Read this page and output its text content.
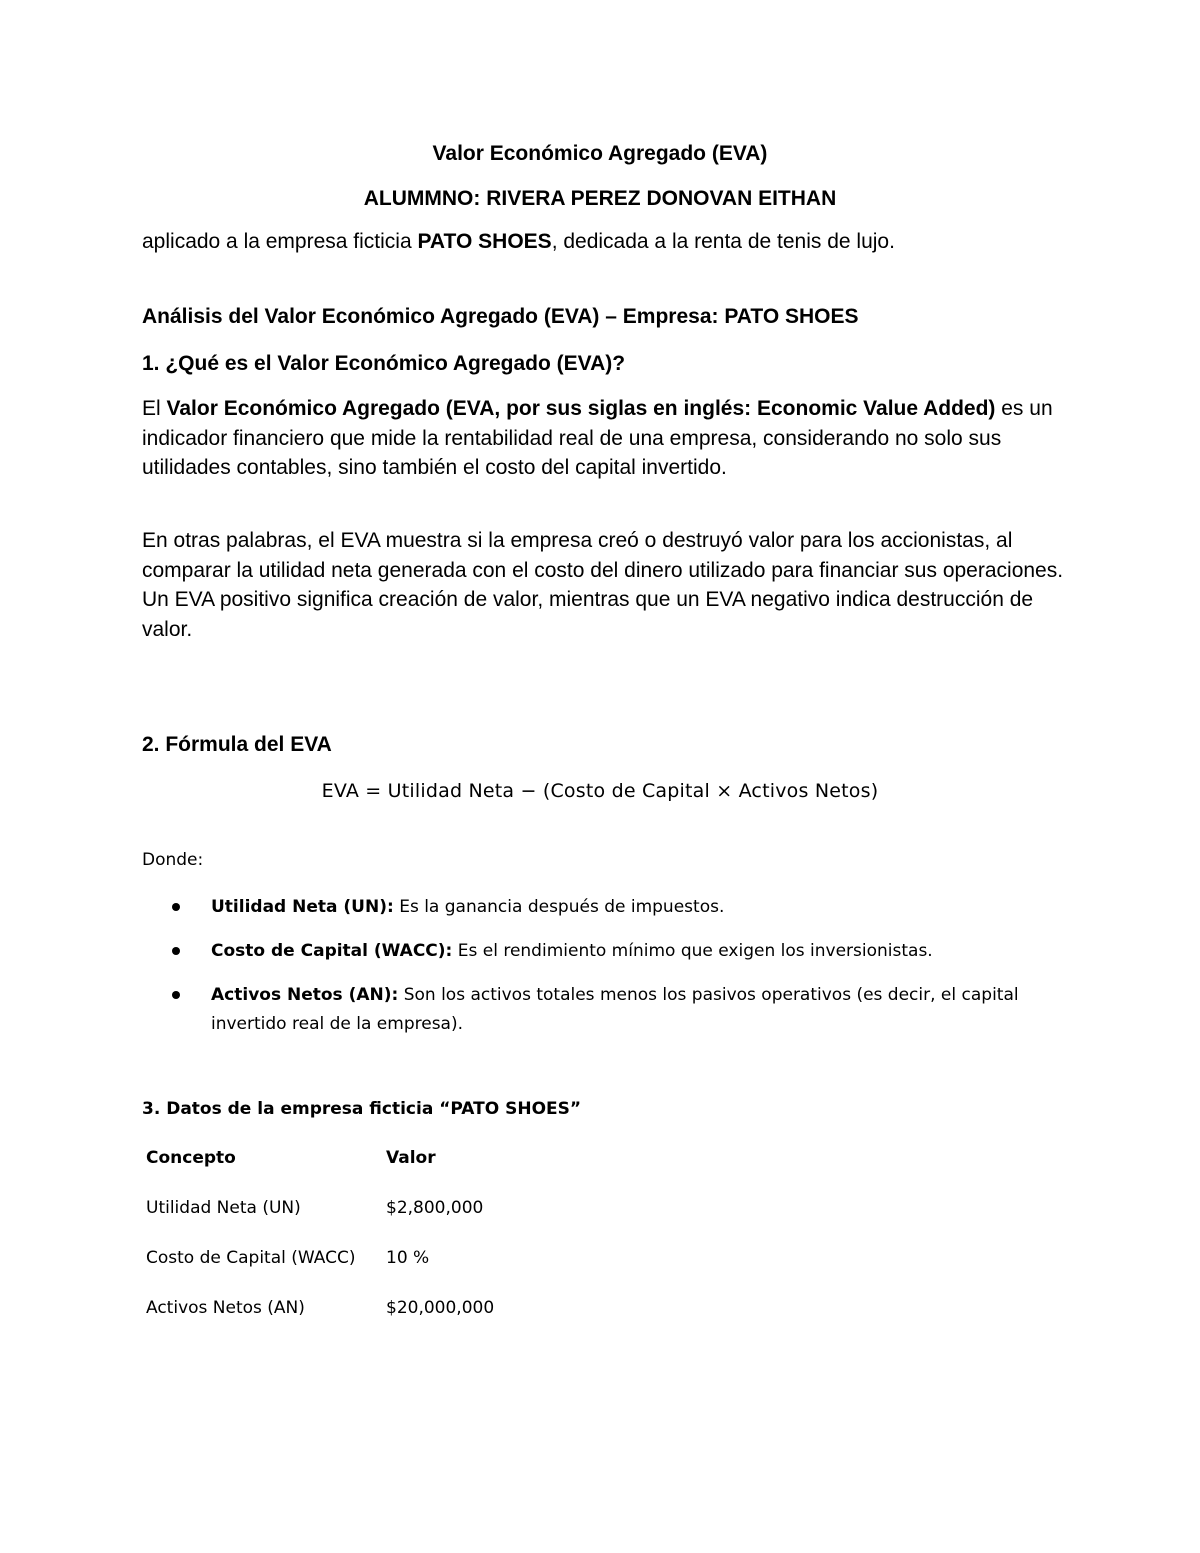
Valor Económico Agregado (EVA)
ALUMMNO: RIVERA PEREZ DONOVAN EITHAN
aplicado a la empresa ficticia PATO SHOES, dedicada a la renta de tenis de lujo.
Análisis del Valor Económico Agregado (EVA) – Empresa: PATO SHOES
1. ¿Qué es el Valor Económico Agregado (EVA)?
El Valor Económico Agregado (EVA, por sus siglas en inglés: Economic Value Added) es un indicador financiero que mide la rentabilidad real de una empresa, considerando no solo sus utilidades contables, sino también el costo del capital invertido.
En otras palabras, el EVA muestra si la empresa creó o destruyó valor para los accionistas, al comparar la utilidad neta generada con el costo del dinero utilizado para financiar sus operaciones.
Un EVA positivo significa creación de valor, mientras que un EVA negativo indica destrucción de valor.
2. Fórmula del EVA
EVA = Utilidad Neta − (Costo de Capital × Activos Netos)
Donde:
Utilidad Neta (UN): Es la ganancia después de impuestos.
Costo de Capital (WACC): Es el rendimiento mínimo que exigen los inversionistas.
Activos Netos (AN): Son los activos totales menos los pasivos operativos (es decir, el capital invertido real de la empresa).
3. Datos de la empresa ficticia “PATO SHOES”
Concepto	Valor
Utilidad Neta (UN)	$2,800,000
Costo de Capital (WACC) 10 %
Activos Netos (AN)	$20,000,000
